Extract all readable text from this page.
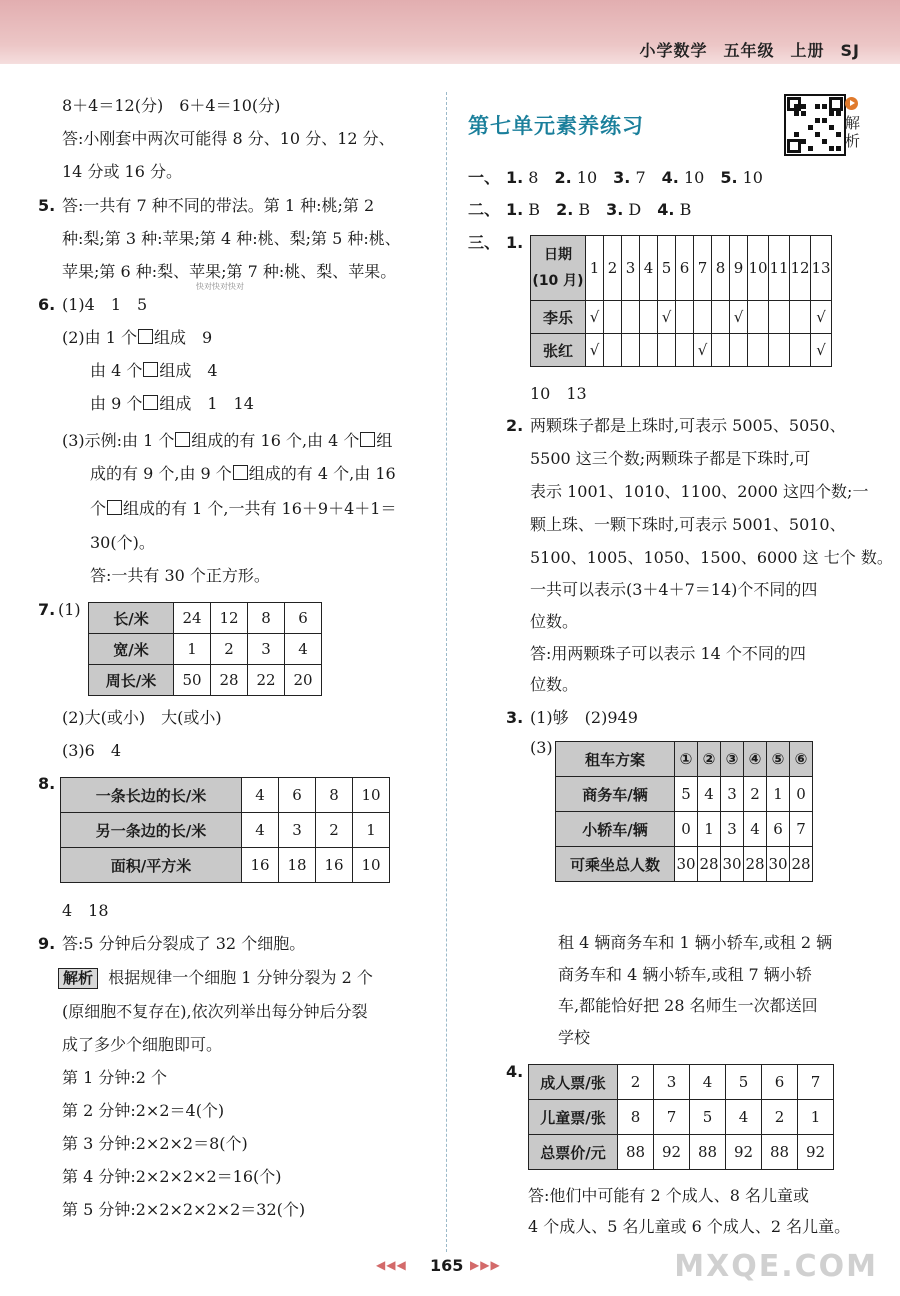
小学数学 五年级 上册 SJ
8＋4＝12(分)　6＋4＝10(分)
答:小刚套中两次可能得 8 分、10 分、12 分、
14 分或 16 分。
5. 答:一共有 7 种不同的带法。第 1 种:桃;第 2
种:梨;第 3 种:苹果;第 4 种:桃、梨;第 5 种:桃、
苹果;第 6 种:梨、苹果;第 7 种:桃、梨、苹果。
快对快对快对
6. (1)4　1　5
(2)由 1 个 组成　9
由 4 个 组成　4
由 9 个 组成　1　14
(3)示例:由 1 个 组成的有 16 个,由 4 个 组
成的有 9 个,由 9 个 组成的有 4 个,由 16
个 组成的有 1 个,一共有 16＋9＋4＋1＝
30(个)。
答:一共有 30 个正方形。
7. (1) 长/米	24	12	8	6
宽/米	1	2	3	4
周长/米	50	28	22	20
(2)大(或小)　大(或小)
(3)6　4
8.
一条长边的长/米	4	6	8	10
另一条边的长/米	4	3	2	1
面积/平方米	16	18	16	10
4　18
9. 答:5 分钟后分裂成了 32 个细胞。
解析 根据规律一个细胞 1 分钟分裂为 2 个
(原细胞不复存在),依次列举出每分钟后分裂
成了多少个细胞即可。
第 1 分钟:2 个
第 2 分钟:2×2＝4(个)
第 3 分钟:2×2×2＝8(个)
第 4 分钟:2×2×2×2＝16(个)
第 5 分钟:2×2×2×2×2＝32(个)
第七单元素养练习	解析
一、 1. 8 2. 10 3. 7 4. 10 5. 10
二、 1. B 2. B 3. D 4. B
三、 1.
日期
(10 月)	1	2	3	4	5	6	7	8	9	10	11	12	13
李乐	√				√				√				√
张红	√						√						√
10　13
2. 两颗珠子都是上珠时,可表示 5005、5050、
5500 这三个数;两颗珠子都是下珠时,可
表示 1001、1010、1100、2000 这四个数;一
颗上珠、一颗下珠时,可表示 5001、5010、
5100、1005、1050、1500、6000 这 七个 数。
一共可以表示(3＋4＋7＝14)个不同的四
位数。
答:用两颗珠子可以表示 14 个不同的四
位数。
3. (1)够　(2)949
(3)
租车方案	①	②	③	④	⑤	⑥
商务车/辆	5	4	3	2	1	0
小轿车/辆	0	1	3	4	6	7
可乘坐总人数	30	28	30	28	30	28
租 4 辆商务车和 1 辆小轿车,或租 2 辆
商务车和 4 辆小轿车,或租 7 辆小轿
车,都能恰好把 28 名师生一次都送回
学校
4.
成人票/张	2	3	4	5	6	7
儿童票/张	8	7	5	4	2	1
总票价/元	88	92	88	92	88	92
答:他们中可能有 2 个成人、8 名儿童或
4 个成人、5 名儿童或 6 个成人、2 名儿童。
◀◀◀ 165 ▶▶▶	MXQE.COM
